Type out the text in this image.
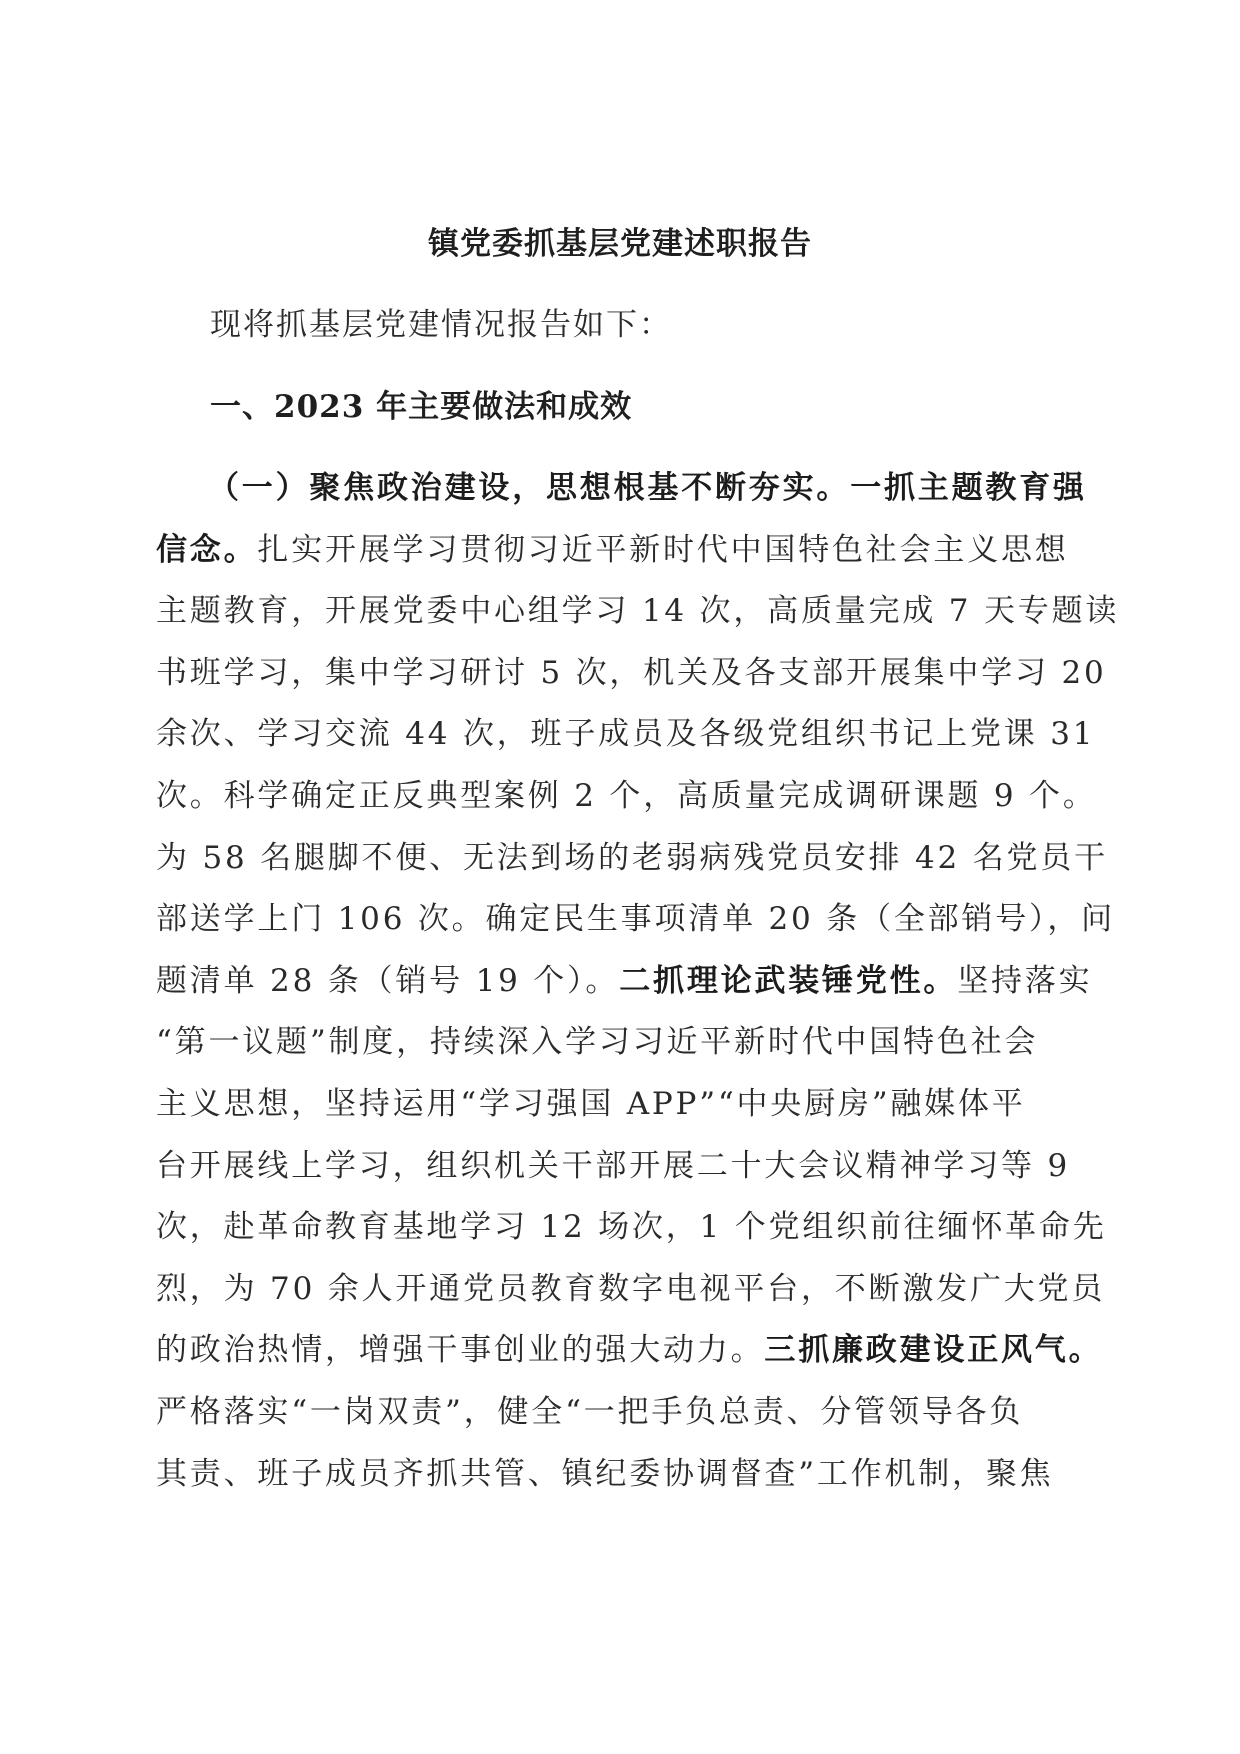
镇党委抓基层党建述职报告
现将抓基层党建情况报告如下：
一、2023 年主要做法和成效
（一）聚焦政治建设，思想根基不断夯实。一抓主题教育强
信念。扎实开展学习贯彻习近平新时代中国特色社会主义思想
主题教育，开展党委中心组学习 14 次，高质量完成 7 天专题读
书班学习，集中学习研讨 5 次，机关及各支部开展集中学习 20
余次、学习交流 44 次，班子成员及各级党组织书记上党课 31
次。科学确定正反典型案例 2 个，高质量完成调研课题 9 个。
为 58 名腿脚不便、无法到场的老弱病残党员安排 42 名党员干
部送学上门 106 次。确定民生事项清单 20 条（全部销号），问
题清单 28 条（销号 19 个）。二抓理论武装锤党性。坚持落实
“第一议题”制度，持续深入学习习近平新时代中国特色社会
主义思想，坚持运用“学习强国 APP”“中央厨房”融媒体平
台开展线上学习，组织机关干部开展二十大会议精神学习等 9
次，赴革命教育基地学习 12 场次，1 个党组织前往缅怀革命先
烈，为 70 余人开通党员教育数字电视平台，不断激发广大党员
的政治热情，增强干事创业的强大动力。三抓廉政建设正风气。
严格落实“一岗双责”，健全“一把手负总责、分管领导各负
其责、班子成员齐抓共管、镇纪委协调督查”工作机制，聚焦
